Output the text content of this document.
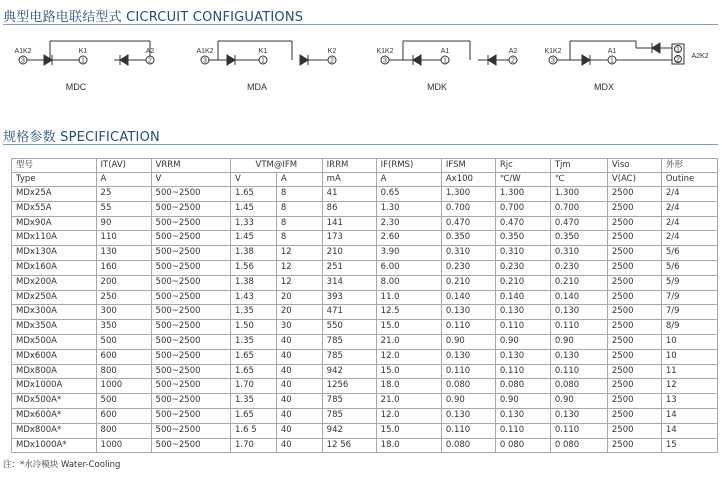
典型电路电联结型式 CICRCUIT CONFIGUATIONS
3	1	2	3	1	2	3	1	2	3	1
1
2
A1K2	K1	A2	A1K2	K1	K2	K1K2	A1	A2	K1K2	A1
A2K2
MDC	MDA	MDK	MDX
规格参数 SPECIFICATION
型号	IT(AV)	VRRM	VTM@IFM		IRRM	IF(RMS)	IFSM	Rjc	Tjm	Viso	外形
Type	A	V	V	A	mA	A	Ax100	℃/W	℃	V(AC)	Outine
MDx25A	25	500~2500	1.65	8	41	0.65	1.300	1.300	1.300	2500	2/4
MDx55A	55	500~2500	1.45	8	86	1.30	0.700	0.700	0.700	2500	2/4
MDx90A	90	500~2500	1.33	8	141	2.30	0.470	0.470	0.470	2500	2/4
MDx110A	110	500~2500	1.45	8	173	2.60	0.350	0.350	0.350	2500	2/4
MDx130A	130	500~2500	1.38	12	210	3.90	0.310	0.310	0.310	2500	5/6
MDx160A	160	500~2500	1.56	12	251	6.00	0.230	0.230	0.230	2500	5/6
MDx200A	200	500~2500	1.38	12	314	8.00	0.210	0.210	0.210	2500	5/9
MDx250A	250	500~2500	1.43	20	393	11.0	0.140	0.140	0.140	2500	7/9
MDx300A	300	500~2500	1.35	20	471	12.5	0.130	0.130	0.130	2500	7/9
MDx350A	350	500~2500	1.50	30	550	15.0	0.110	0.110	0.110	2500	8/9
MDx500A	500	500~2500	1.35	40	785	21.0	0.90	0.90	0.90	2500	10
MDx600A	600	500~2500	1.65	40	785	12.0	0.130	0.130	0.130	2500	10
MDx800A	800	500~2500	1.65	40	942	15.0	0.110	0.110	0.110	2500	11
MDx1000A	1000	500~2500	1.70	40	1256	18.0	0.080	0.080	0.080	2500	12
MDx500A*	500	500~2500	1.35	40	785	21.0	0.90	0.90	0.90	2500	13
MDx600A*	600	500~2500	1.65	40	785	12.0	0.130	0.130	0.130	2500	14
MDx800A*	800	500~2500	1.6 5	40	942	15.0	0.110	0.110	0.110	2500	14
MDx1000A*	1000	500~2500	1.70	40	12 56	18.0	0.080	0 080	0 080	2500	15
注：*水冷模块 Water-Cooling
